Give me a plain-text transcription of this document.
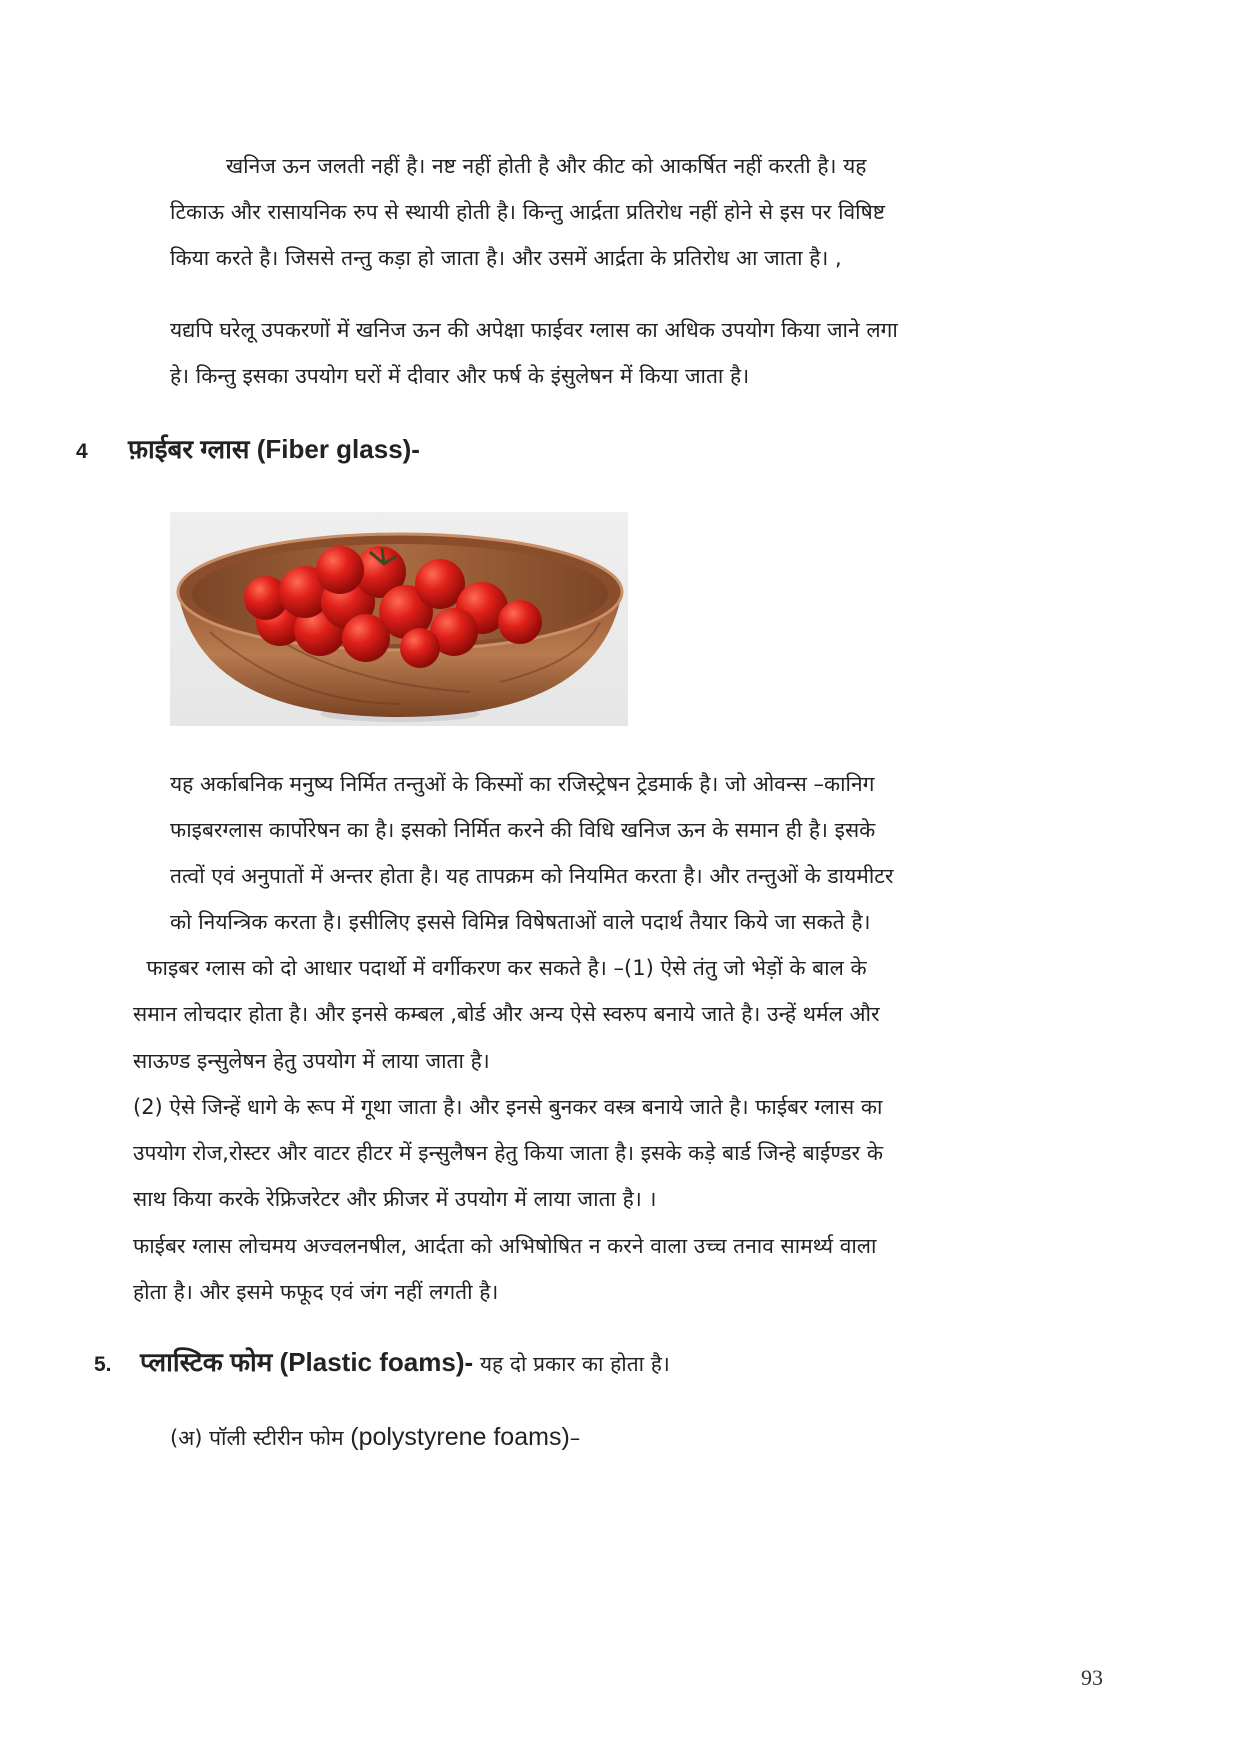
खनिज ऊन जलती नहीं है। नष्ट नहीं होती है और कीट को आकर्षित नहीं करती है। यह
टिकाऊ और रासायनिक रुप से स्थायी होती है। किन्तु आर्द्रता प्रतिरोध नहीं होने से इस पर विषिष्ट
किया करते है। जिससे तन्तु कड़ा हो जाता है। और उसमें आर्द्रता के प्रतिरोध आ जाता है। ,
यद्यपि घरेलू उपकरणों में खनिज ऊन की अपेक्षा फाईवर ग्लास का अधिक उपयोग किया जाने लगा
हे। किन्तु इसका उपयोग घरों में दीवार और फर्ष के इंसुलेषन में किया जाता है।
4 फ़ाईबर ग्लास (Fiber glass)-
यह अर्काबनिक मनुष्य निर्मित तन्तुओं के किस्मों का रजिस्ट्रेषन ट्रेडमार्क है। जो ओवन्स –कानिग
फाइबरग्लास कार्पोरेषन का है। इसको निर्मित करने की विधि खनिज ऊन के समान ही है। इसके
तत्वों एवं अनुपातों में अन्तर होता है। यह तापक्रम को नियमित करता है। और तन्तुओं के डायमीटर
को नियन्त्रिक करता है। इसीलिए इससे विमिन्न विषेषताओं वाले पदार्थ तैयार किये जा सकते है।
फाइबर ग्लास को दो आधार पदार्थो में वर्गीकरण कर सकते है। –(1) ऐसे तंतु जो भेड़ों के बाल के
समान लोचदार होता है। और इनसे कम्बल ,बोर्ड और अन्य ऐसे स्वरुप बनाये जाते है। उन्हें थर्मल और
साऊण्ड इन्सुलेषन हेतु उपयोग में लाया जाता है।
(2) ऐसे जिन्हें धागे के रूप में गूथा जाता है। और इनसे बुनकर वस्त्र बनाये जाते है। फाईबर ग्लास का
उपयोग रोज,रोस्टर और वाटर हीटर में इन्सुलैषन हेतु किया जाता है। इसके कड़े बार्ड जिन्हे बाईण्डर के
साथ किया करके रेफ्रिजरेटर और फ्रीजर में उपयोग में लाया जाता है। ।
फाईबर ग्लास लोचमय अज्वलनषील, आर्दता को अभिषोषित न करने वाला उच्च तनाव सामर्थ्य वाला
होता है। और इसमे फफूद एवं जंग नहीं लगती है।
5. प्लास्टिक फोम (Plastic foams)- यह दो प्रकार का होता है।
(अ) पॉली स्टीरीन फोम (polystyrene foams)–
93
